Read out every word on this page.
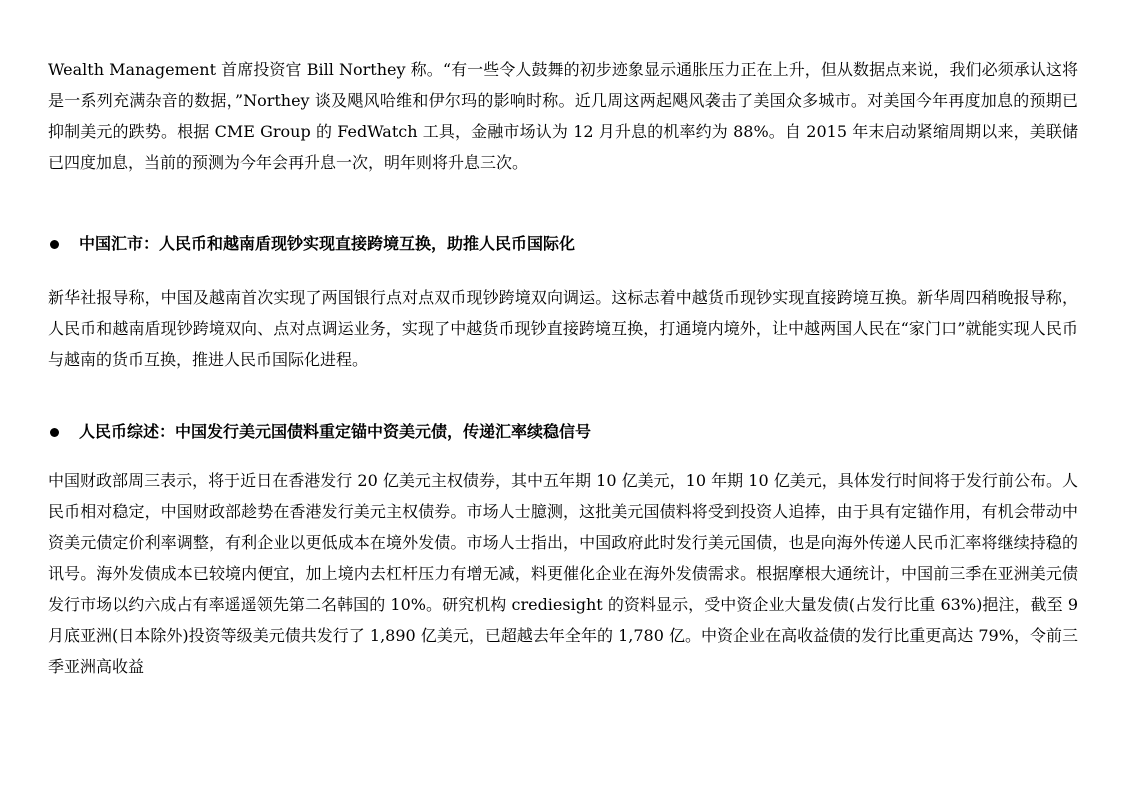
Wealth Management 首席投资官 Bill Northey 称。“有一些令人鼓舞的初步迹象显示通胀压力正在上升，但从数据点来说，我们必须承认这将是一系列充满杂音的数据，”Northey 谈及飓风哈维和伊尔玛的影响时称。近几周这两起飓风袭击了美国众多城市。对美国今年再度加息的预期已抑制美元的跌势。根据 CME Group 的 FedWatch 工具，金融市场认为 12 月升息的机率约为 88%。自 2015 年末启动紧缩周期以来，美联储已四度加息，当前的预测为今年会再升息一次，明年则将升息三次。

中国汇市：人民币和越南盾现钞实现直接跨境互换，助推人民币国际化

新华社报导称，中国及越南首次实现了两国银行点对点双币现钞跨境双向调运。这标志着中越货币现钞实现直接跨境互换。新华周四稍晚报导称，人民币和越南盾现钞跨境双向、点对点调运业务，实现了中越货币现钞直接跨境互换，打通境内境外，让中越两国人民在“家门口”就能实现人民币与越南的货币互换，推进人民币国际化进程。

人民币综述：中国发行美元国债料重定锚中资美元债，传递汇率续稳信号

中国财政部周三表示，将于近日在香港发行 20 亿美元主权债券，其中五年期 10 亿美元，10 年期 10 亿美元，具体发行时间将于发行前公布。人民币相对稳定，中国财政部趁势在香港发行美元主权债券。市场人士臆测，这批美元国债料将受到投资人追捧，由于具有定锚作用，有机会带动中资美元债定价利率调整，有利企业以更低成本在境外发债。市场人士指出，中国政府此时发行美元国债，也是向海外传递人民币汇率将继续持稳的讯号。海外发债成本已较境内便宜，加上境内去杠杆压力有增无减，料更催化企业在海外发债需求。根据摩根大通统计，中国前三季在亚洲美元债发行市场以约六成占有率遥遥领先第二名韩国的 10%。研究机构 crediesight 的资料显示，受中资企业大量发债(占发行比重 63%)挹注，截至 9 月底亚洲(日本除外)投资等级美元债共发行了 1,890 亿美元，已超越去年全年的 1,780 亿。中资企业在高收益债的发行比重更高达 79%，令前三季亚洲高收益
